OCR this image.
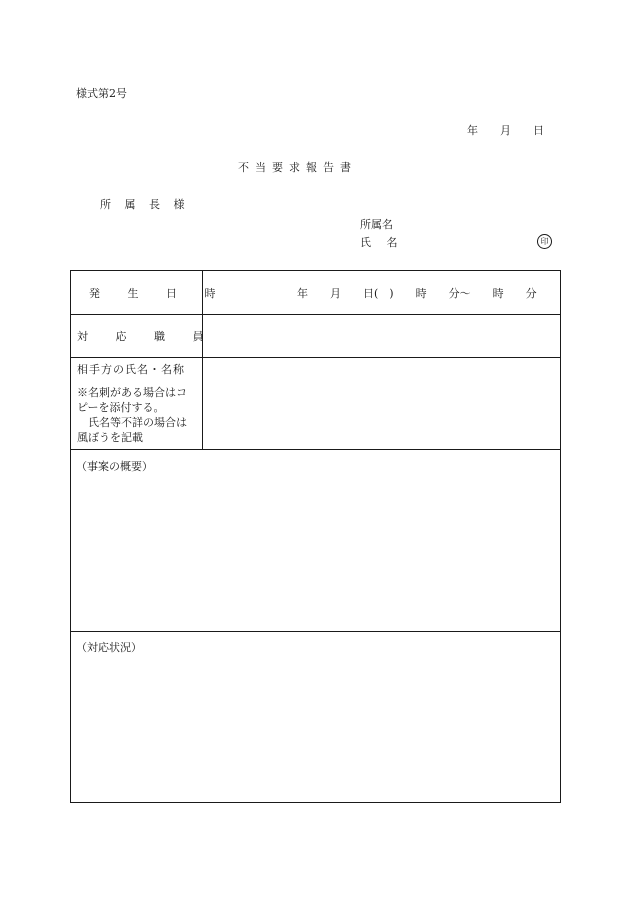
様式第2号
年　　月　　日
不当要求報告書
所 属 長 様
所属名
氏 名	印
発 生 日 時	年　　月　　日(　)　　時　　分〜　　時　　分
対 応 職 員
相手方の氏名・名称
※名刺がある場合はコ
ピーを添付する。
　氏名等不詳の場合は
風ぼうを記載
（事案の概要）
（対応状況）
